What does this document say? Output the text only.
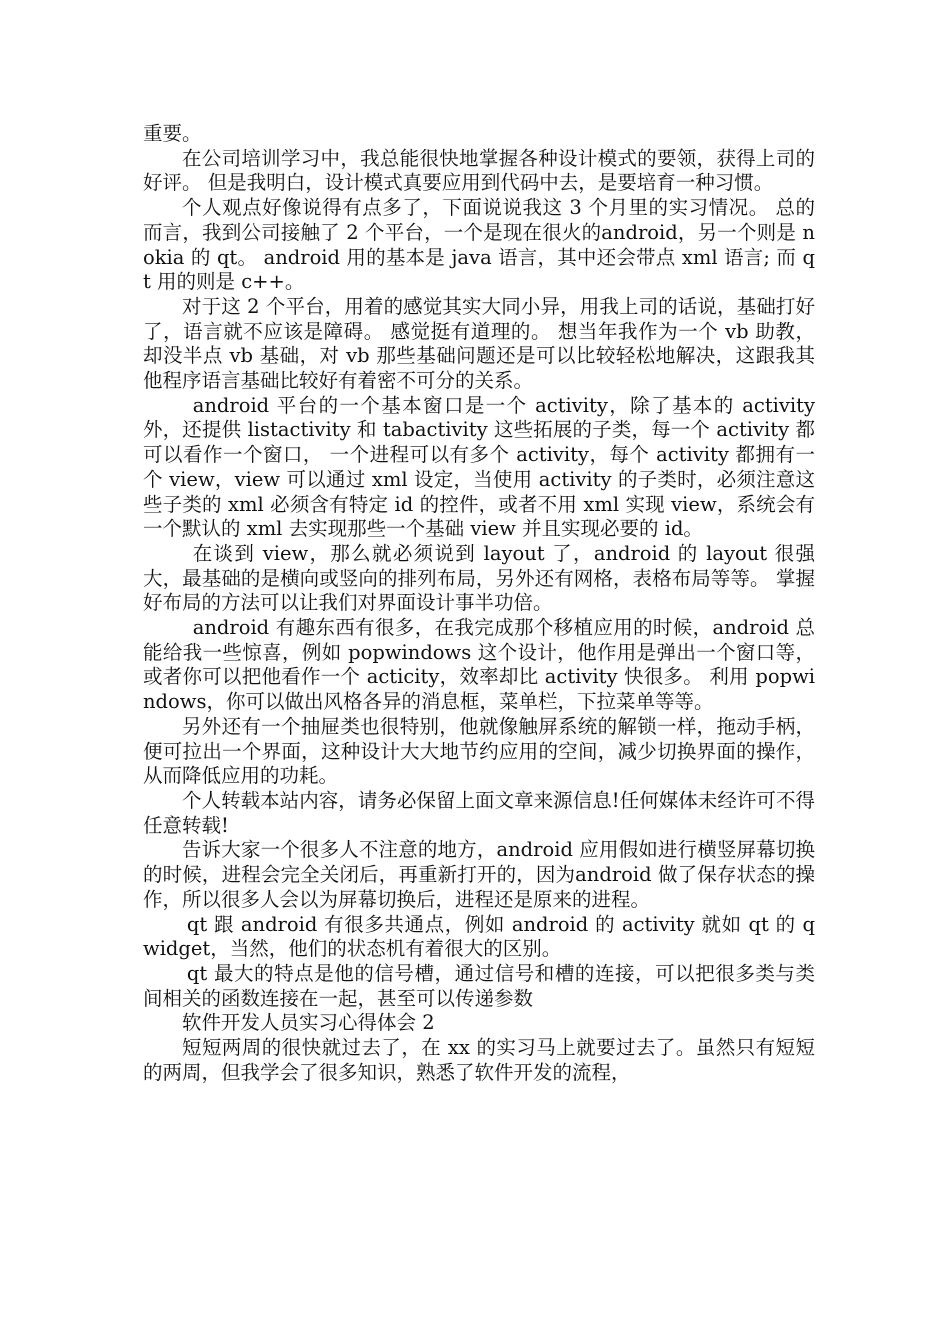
重要。

在公司培训学习中，我总能很快地掌握各种设计模式的要领，获得上司的好评。 但是我明白，设计模式真要应用到代码中去，是要培育一种习惯。

个人观点好像说得有点多了，下面说说我这 3 个月里的实习情况。 总的而言，我到公司接触了 2 个平台，一个是现在很火的android，另一个则是 nokia 的 qt。 android 用的基本是 java 语言，其中还会带点 xml 语言; 而 qt 用的则是 c++。

对于这 2 个平台，用着的感觉其实大同小异，用我上司的话说，基础打好了，语言就不应该是障碍。 感觉挺有道理的。 想当年我作为一个 vb 助教，却没半点 vb 基础，对 vb 那些基础问题还是可以比较轻松地解决，这跟我其他程序语言基础比较好有着密不可分的关系。

android 平台的一个基本窗口是一个 activity，除了基本的 activity 外，还提供 listactivity 和 tabactivity 这些拓展的子类，每一个 activity 都可以看作一个窗口， 一个进程可以有多个 activity，每个 activity 都拥有一个 view，view 可以通过 xml 设定，当使用 activity 的子类时，必须注意这些子类的 xml 必须含有特定 id 的控件，或者不用 xml 实现 view，系统会有一个默认的 xml 去实现那些一个基础 view 并且实现必要的 id。

在谈到 view，那么就必须说到 layout 了，android 的 layout 很强大，最基础的是横向或竖向的排列布局，另外还有网格，表格布局等等。 掌握好布局的方法可以让我们对界面设计事半功倍。

android 有趣东西有很多，在我完成那个移植应用的时候，android 总能给我一些惊喜，例如 popwindows 这个设计，他作用是弹出一个窗口等，或者你可以把他看作一个 acticity，效率却比 activity 快很多。 利用 popwindows，你可以做出风格各异的消息框，菜单栏，下拉菜单等等。

另外还有一个抽屉类也很特别，他就像触屏系统的解锁一样，拖动手柄，便可拉出一个界面，这种设计大大地节约应用的空间，减少切换界面的操作，从而降低应用的功耗。

个人转载本站内容，请务必保留上面文章来源信息!任何媒体未经许可不得任意转载!

告诉大家一个很多人不注意的地方，android 应用假如进行横竖屏幕切换的时候，进程会完全关闭后，再重新打开的，因为android 做了保存状态的操作，所以很多人会以为屏幕切换后，进程还是原来的进程。

qt 跟 android 有很多共通点，例如 android 的 activity 就如 qt 的 qwidget，当然，他们的状态机有着很大的区别。

qt 最大的特点是他的信号槽，通过信号和槽的连接，可以把很多类与类间相关的函数连接在一起，甚至可以传递参数

软件开发人员实习心得体会 2

短短两周的很快就过去了，在 xx 的实习马上就要过去了。虽然只有短短的两周，但我学会了很多知识，熟悉了软件开发的流程，
